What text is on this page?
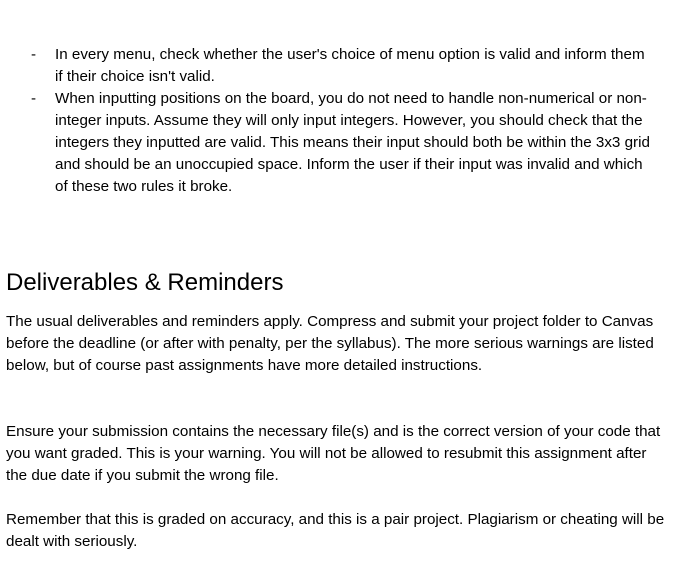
- In every menu, check whether the user's choice of menu option is valid and inform them if their choice isn't valid.
- When inputting positions on the board, you do not need to handle non-numerical or non-integer inputs. Assume they will only input integers. However, you should check that the integers they inputted are valid. This means their input should both be within the 3x3 grid and should be an unoccupied space. Inform the user if their input was invalid and which of these two rules it broke.
Deliverables & Reminders

The usual deliverables and reminders apply. Compress and submit your project folder to Canvas before the deadline (or after with penalty, per the syllabus). The more serious warnings are listed below, but of course past assignments have more detailed instructions.

Ensure your submission contains the necessary file(s) and is the correct version of your code that you want graded. This is your warning. You will not be allowed to resubmit this assignment after the due date if you submit the wrong file.

Remember that this is graded on accuracy, and this is a pair project. Plagiarism or cheating will be dealt with seriously.
